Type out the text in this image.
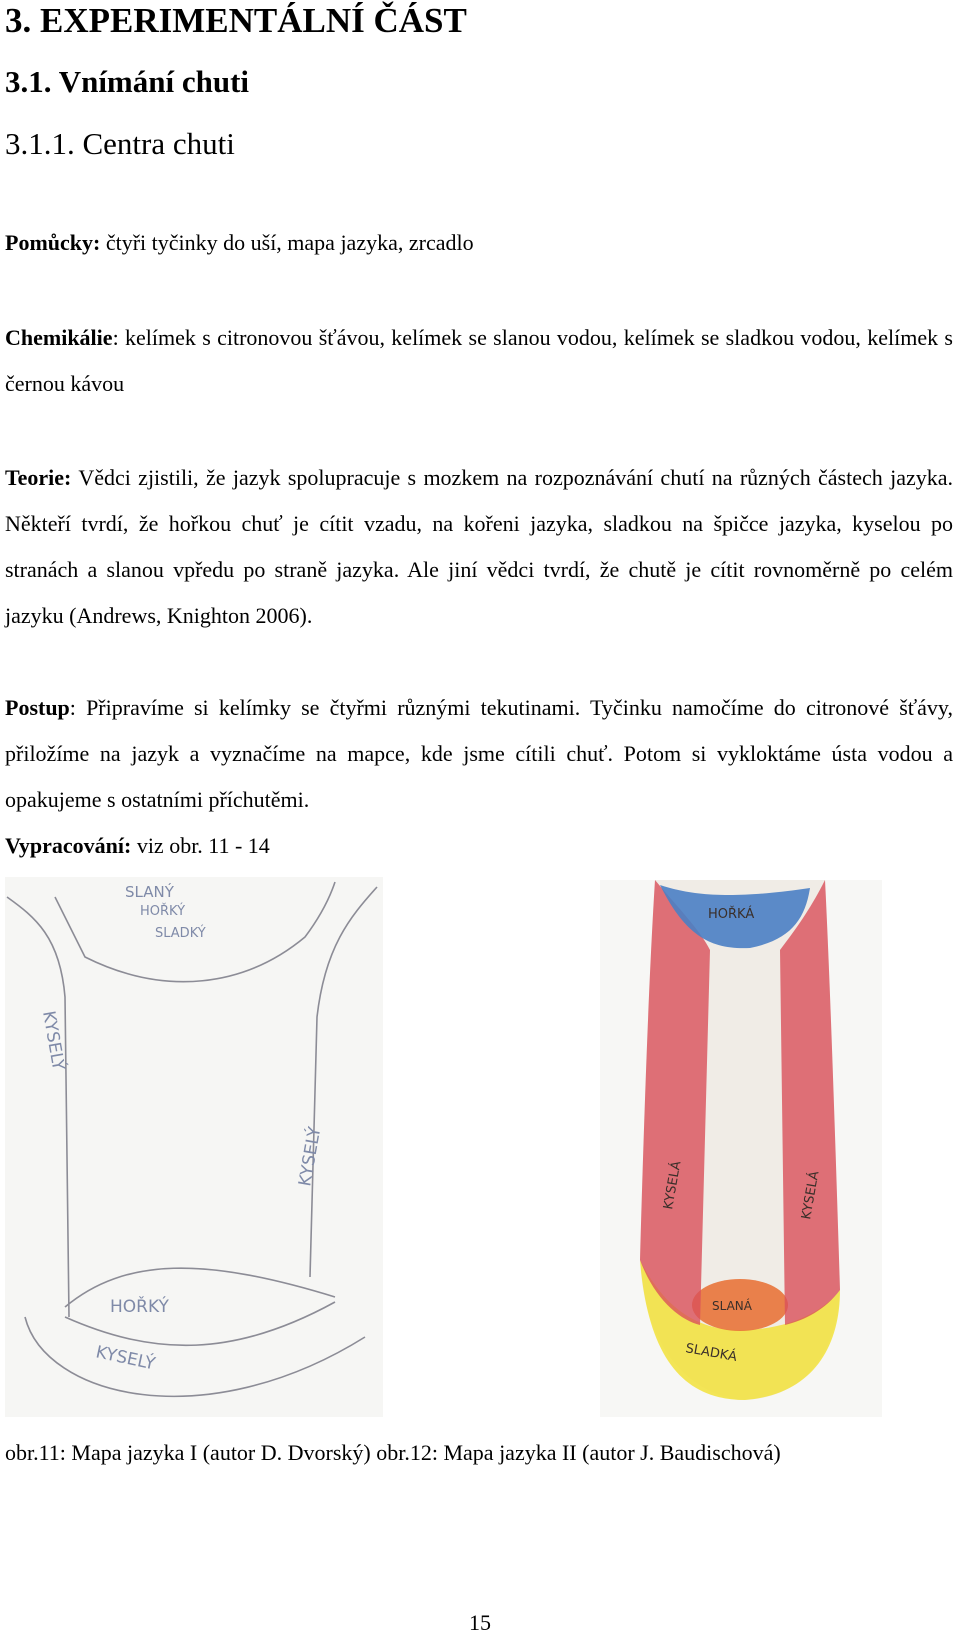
3. EXPERIMENTÁLNÍ ČÁST
3.1. Vnímání chuti
3.1.1. Centra chuti
Pomůcky: čtyři tyčinky do uší, mapa jazyka, zrcadlo
Chemikálie: kelímek s citronovou šťávou, kelímek se slanou vodou, kelímek se sladkou vodou, kelímek s černou kávou
Teorie: Vědci zjistili, že jazyk spolupracuje s mozkem na rozpoznávání chutí na různých částech jazyka. Někteří tvrdí, že hořkou chuť je cítit vzadu, na kořeni jazyka, sladkou na špičce jazyka, kyselou po stranách a slanou vpředu po straně jazyka. Ale jiní vědci tvrdí, že chutě je cítit rovnoměrně po celém jazyku (Andrews, Knighton 2006).
Postup: Připravíme si kelímky se čtyřmi různými tekutinami. Tyčinku namočíme do citronové šťávy, přiložíme na jazyk a vyznačíme na mapce, kde jsme cítili chuť. Potom si vykloktáme ústa vodou a opakujeme s ostatními příchutěmi.
Vypracování: viz obr. 11 - 14
SLANÝ
HOŘKÝ
SLADKÝ
KYSELÝ
KYSELÝ
HOŘKÝ
KYSELÝ
HOŘKÁ
KYSELÁ	KYSELÁ
SLANÁ
SLADKÁ
obr.11: Mapa jazyka I (autor D. Dvorský) obr.12: Mapa jazyka II (autor J. Baudischová)
15
